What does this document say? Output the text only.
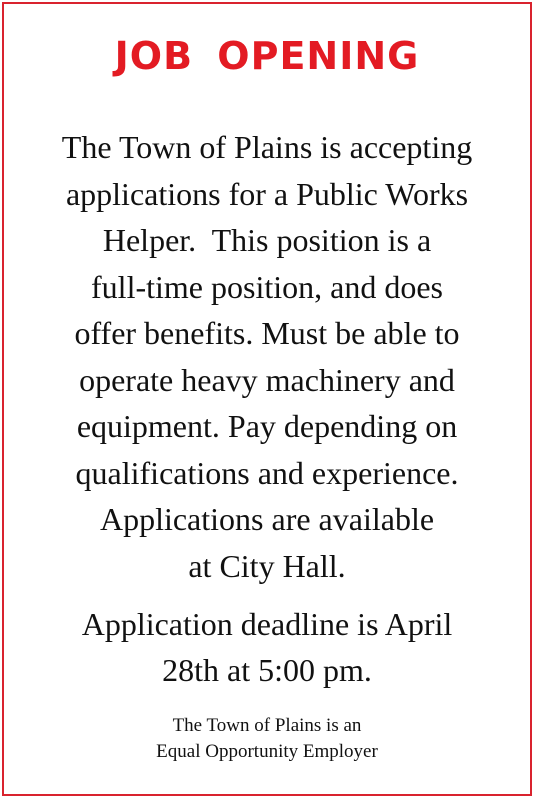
JOB OPENING
The Town of Plains is accepting
applications for a Public Works
Helper.  This position is a
full-time position, and does
offer benefits. Must be able to
operate heavy machinery and
equipment. Pay depending on
qualifications and experience.
Applications are available
at City Hall.
Application deadline is April
28th at 5:00 pm.
The Town of Plains is an
Equal Opportunity Employer
